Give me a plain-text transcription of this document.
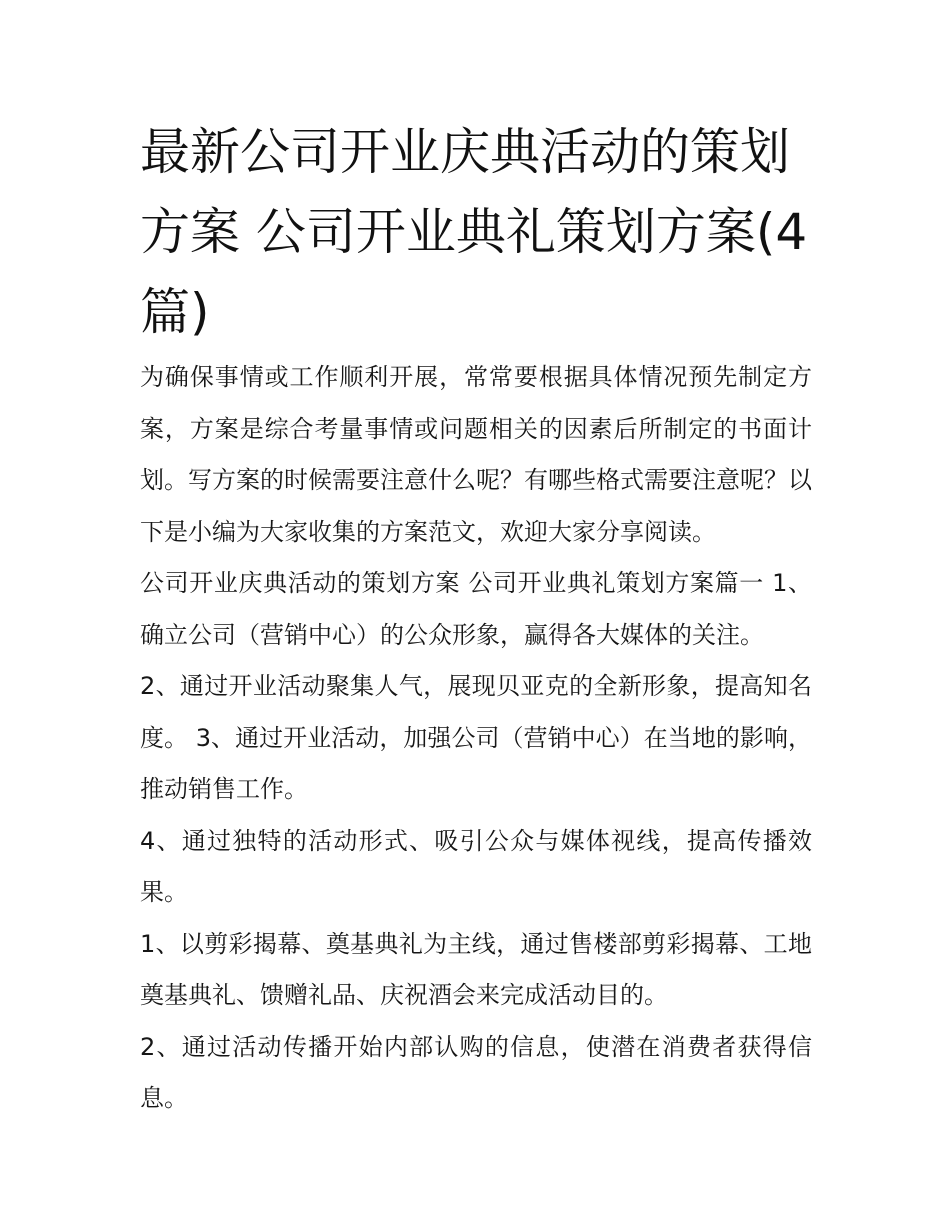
最新公司开业庆典活动的策划方案 公司开业典礼策划方案(4篇)

为确保事情或工作顺利开展，常常要根据具体情况预先制定方案，方案是综合考量事情或问题相关的因素后所制定的书面计划。写方案的时候需要注意什么呢？有哪些格式需要注意呢？以下是小编为大家收集的方案范文，欢迎大家分享阅读。

公司开业庆典活动的策划方案 公司开业典礼策划方案篇一 1、确立公司（营销中心）的公众形象，赢得各大媒体的关注。

2、通过开业活动聚集人气，展现贝亚克的全新形象，提高知名度。 3、通过开业活动，加强公司（营销中心）在当地的影响，推动销售工作。

4、通过独特的活动形式、吸引公众与媒体视线，提高传播效果。

1、以剪彩揭幕、奠基典礼为主线，通过售楼部剪彩揭幕、工地奠基典礼、馈赠礼品、庆祝酒会来完成活动目的。

2、通过活动传播开始内部认购的信息，使潜在消费者获得信息。
